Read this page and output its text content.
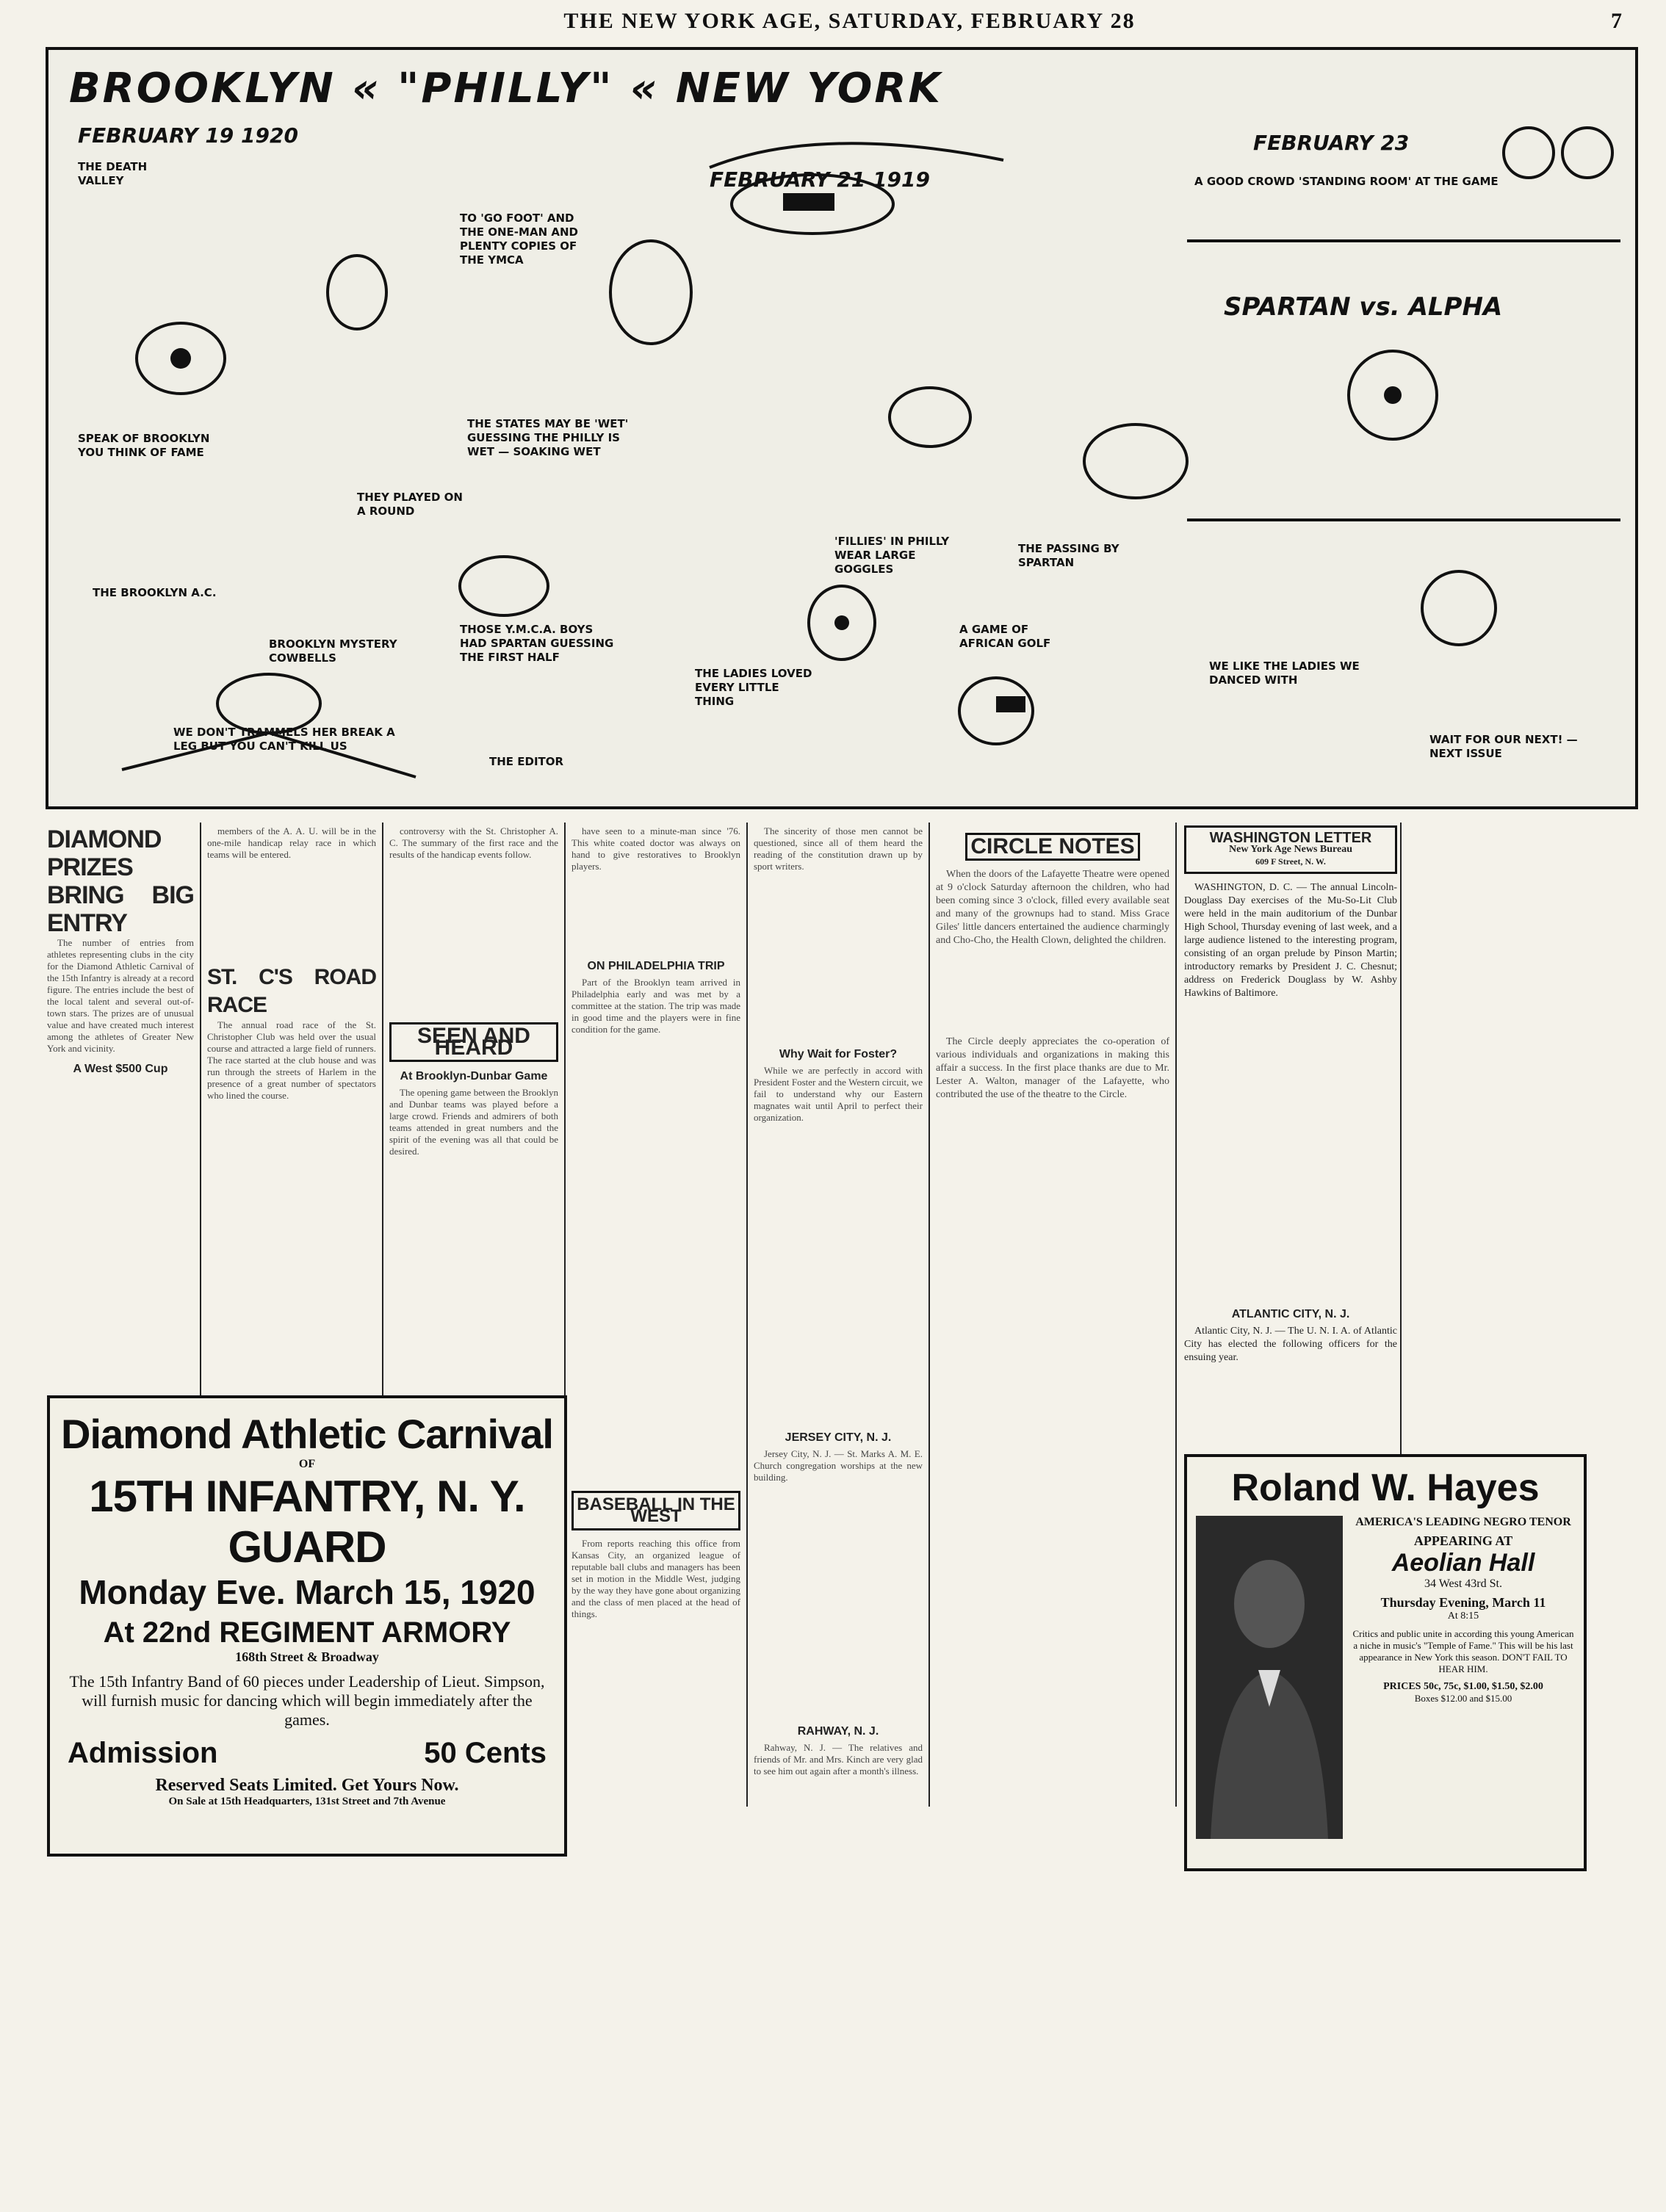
THE NEW YORK AGE, SATURDAY, FEBRUARY 28	7
BROOKLYN « "PHILLY" « NEW YORK
FEBRUARY 19 1920
FEBRUARY 21 1919
FEBRUARY 23
SPARTAN vs. ALPHA
THE DEATH VALLEY
SPEAK OF BROOKLYN YOU THINK OF FAME
THEY PLAYED ON A ROUND
THE BROOKLYN A.C.
BROOKLYN MYSTERY COWBELLS
WE DON'T TRAMMELS HER BREAK A LEG BUT YOU CAN'T KILL US
TO 'GO FOOT' AND THE ONE-MAN AND PLENTY COPIES OF THE YMCA
THE STATES MAY BE 'WET' GUESSING THE PHILLY IS WET — SOAKING WET
THOSE Y.M.C.A. BOYS HAD SPARTAN GUESSING THE FIRST HALF
THE LADIES LOVED EVERY LITTLE THING
THE EDITOR
A GAME OF AFRICAN GOLF
THE PASSING BY SPARTAN
'FILLIES' IN PHILLY WEAR LARGE GOGGLES
A GOOD CROWD 'STANDING ROOM' AT THE GAME
WE LIKE THE LADIES WE DANCED WITH
WAIT FOR OUR NEXT! — NEXT ISSUE
DIAMOND PRIZES BRING BIG ENTRY

The number of entries from athletes representing clubs in the city for the Diamond Athletic Carnival of the 15th Infantry is already at a record figure. The entries include the best of the local talent and several out-of-town stars. The prizes are of unusual value and have created much interest among the athletes of Greater New York and vicinity.

A West $500 Cup

members of the A. A. U. will be in the one-mile handicap relay race in which teams will be entered.

ST. C'S ROAD RACE

The annual road race of the St. Christopher Club was held over the usual course and attracted a large field of runners. The race started at the club house and was run through the streets of Harlem in the presence of a great number of spectators who lined the course.

controversy with the St. Christopher A. C. The summary of the first race and the results of the handicap events follow.

SEEN AND HEARD
At Brooklyn-Dunbar Game

The opening game between the Brooklyn and Dunbar teams was played before a large crowd. Friends and admirers of both teams attended in great numbers and the spirit of the evening was all that could be desired.

have seen to a minute-man since '76. This white coated doctor was always on hand to give restoratives to Brooklyn players.

ON PHILADELPHIA TRIP

Part of the Brooklyn team arrived in Philadelphia early and was met by a committee at the station. The trip was made in good time and the players were in fine condition for the game.

BASEBALL IN THE WEST

From reports reaching this office from Kansas City, an organized league of reputable ball clubs and managers has been set in motion in the Middle West, judging by the way they have gone about organizing and the class of men placed at the head of things.

The sincerity of those men cannot be questioned, since all of them heard the reading of the constitution drawn up by sport writers.

Why Wait for Foster?

While we are perfectly in accord with President Foster and the Western circuit, we fail to understand why our Eastern magnates wait until April to perfect their organization.

JERSEY CITY, N. J.

Jersey City, N. J. — St. Marks A. M. E. Church congregation worships at the new building.

RAHWAY, N. J.

Rahway, N. J. — The relatives and friends of Mr. and Mrs. Kinch are very glad to see him out again after a month's illness.

CIRCLE NOTES

When the doors of the Lafayette Theatre were opened at 9 o'clock Saturday afternoon the children, who had been coming since 3 o'clock, filled every available seat and many of the grownups had to stand. Miss Grace Giles' little dancers entertained the audience charmingly and Cho-Cho, the Health Clown, delighted the children.

The Circle deeply appreciates the co-operation of various individuals and organizations in making this affair a success. In the first place thanks are due to Mr. Lester A. Walton, manager of the Lafayette, who contributed the use of the theatre to the Circle.

WASHINGTON LETTER
New York Age News Bureau
609 F Street, N. W.

WASHINGTON, D. C. — The annual Lincoln-Douglass Day exercises of the Mu-So-Lit Club were held in the main auditorium of the Dunbar High School, Thursday evening of last week, and a large audience listened to the interesting program, consisting of an organ prelude by Pinson Martin; introductory remarks by President J. C. Chesnut; address on Frederick Douglass by W. Ashby Hawkins of Baltimore.

ATLANTIC CITY, N. J.

Atlantic City, N. J. — The U. N. I. A. of Atlantic City has elected the following officers for the ensuing year.

Diamond Athletic Carnival
OF
15TH INFANTRY, N. Y. GUARD
Monday Eve. March 15, 1920
At 22nd REGIMENT ARMORY
168th Street & Broadway
The 15th Infantry Band of 60 pieces under Leadership of Lieut. Simpson, will furnish music for dancing which will begin immediately after the games.
Admission	50 Cents
Reserved Seats Limited. Get Yours Now.
On Sale at 15th Headquarters, 131st Street and 7th Avenue
Roland W. Hayes
AMERICA'S LEADING NEGRO TENOR
APPEARING AT
Aeolian Hall
34 West 43rd St.
Thursday Evening, March 11
At 8:15
Critics and public unite in according this young American a niche in music's "Temple of Fame." This will be his last appearance in New York this season. DON'T FAIL TO HEAR HIM.
PRICES 50c, 75c, $1.00, $1.50, $2.00
Boxes $12.00 and $15.00
